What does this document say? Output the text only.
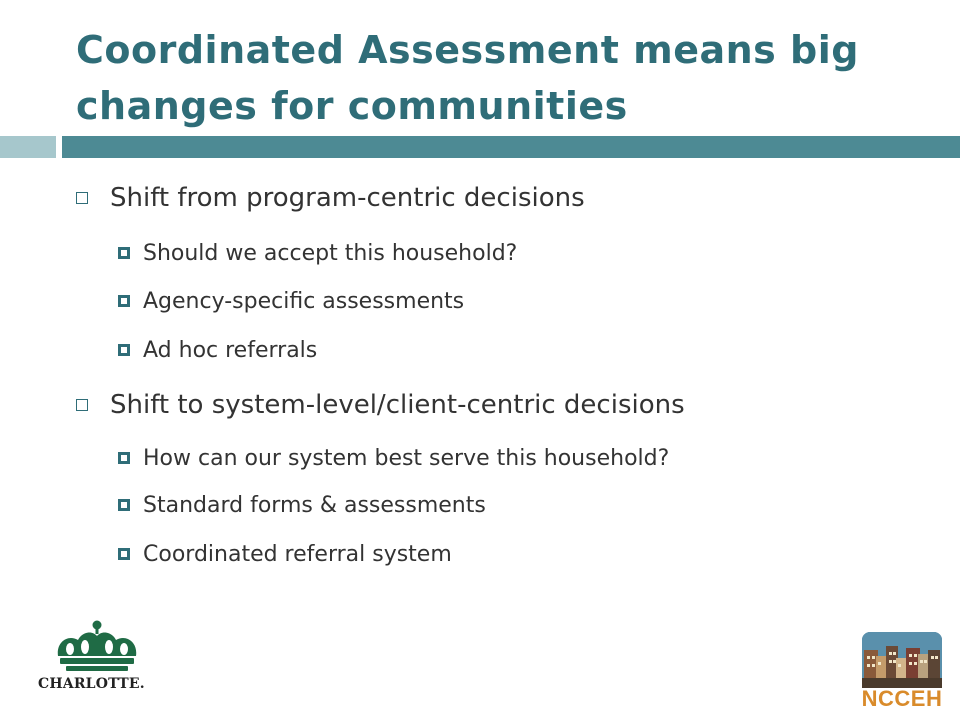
Coordinated Assessment means big changes for communities
Shift from program-centric decisions
Should we accept this household?
Agency-specific assessments
Ad hoc referrals
Shift to system-level/client-centric decisions
How can our system best serve this household?
Standard forms & assessments
Coordinated referral system
CHARLOTTE.
NCCEH
